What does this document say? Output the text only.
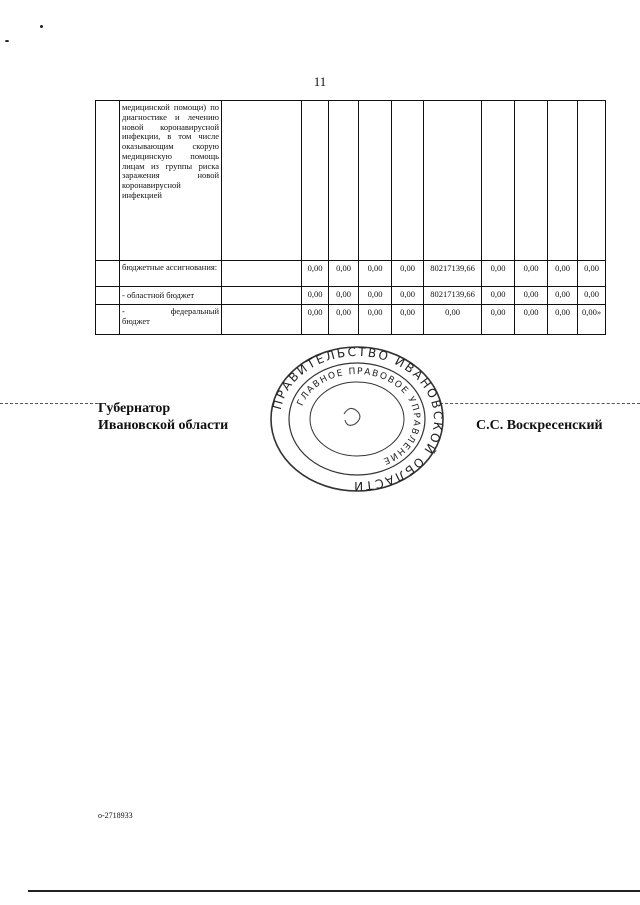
11
	медицинской помощи) по диагностике и лечению новой коронавирусной инфекции, в том числе оказывающим скорую медицинскую помощь лицам из группы риска заражения новой коронавирусной инфекцией										
	бюджетные ассигнования:		0,00	0,00	0,00	0,00	80217139,66	0,00	0,00	0,00	0,00
	- областной бюджет		0,00	0,00	0,00	0,00	80217139,66	0,00	0,00	0,00	0,00

	- федеральный
бюджет		0,00	0,00	0,00	0,00	0,00	0,00	0,00	0,00	0,00»
Губернатор
Ивановской области	С.С. Воскресенский
ПРАВИТЕЛЬСТВО ИВАНОВСКОЙ ОБЛАСТИ
ГЛАВНОЕ ПРАВОВОЕ УПРАВЛЕНИЕ
о-2718933
